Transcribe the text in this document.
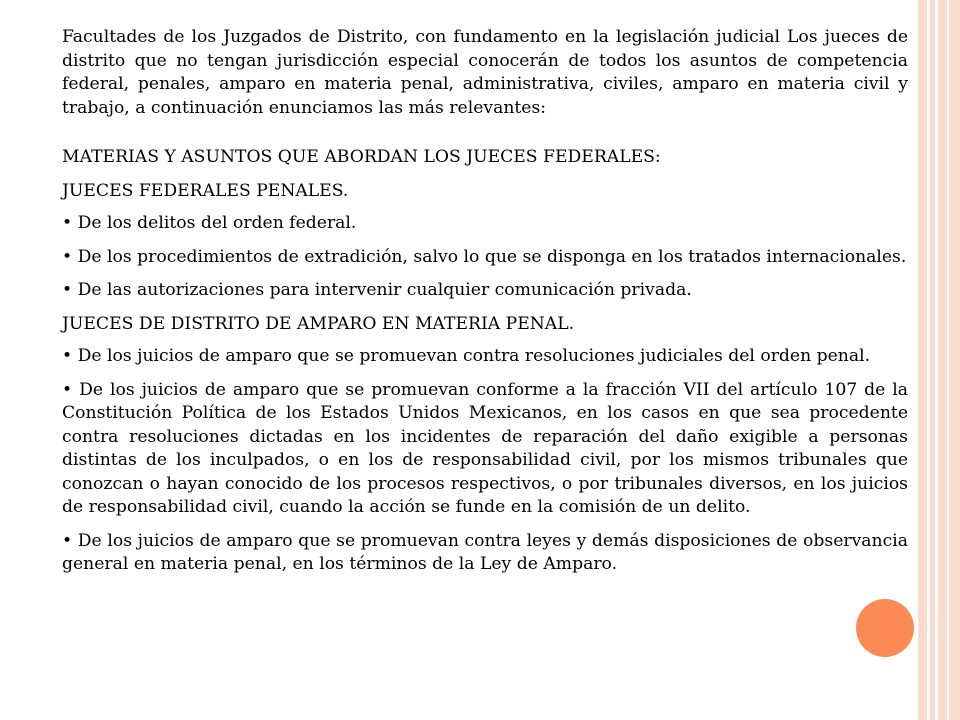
Facultades de los Juzgados de Distrito, con fundamento en la legislación judicial Los jueces de distrito que no tengan jurisdicción especial conocerán de todos los asuntos de competencia federal, penales, amparo en materia penal, administrativa, civiles, amparo en materia civil y trabajo, a continuación enunciamos las más relevantes:

MATERIAS Y ASUNTOS QUE ABORDAN LOS JUECES FEDERALES:

JUECES FEDERALES PENALES.

• De los delitos del orden federal.

• De los procedimientos de extradición, salvo lo que se disponga en los tratados internacionales.

• De las autorizaciones para intervenir cualquier comunicación privada.

JUECES DE DISTRITO DE AMPARO EN MATERIA PENAL.

• De los juicios de amparo que se promuevan contra resoluciones judiciales del orden penal.

• De los juicios de amparo que se promuevan conforme a la fracción VII del artículo 107 de la Constitución Política de los Estados Unidos Mexicanos, en los casos en que sea procedente contra resoluciones dictadas en los incidentes de reparación del daño exigible a personas distintas de los inculpados, o en los de responsabilidad civil, por los mismos tribunales que conozcan o hayan conocido de los procesos respectivos, o por tribunales diversos, en los juicios de responsabilidad civil, cuando la acción se funde en la comisión de un delito.

• De los juicios de amparo que se promuevan contra leyes y demás disposiciones de observancia general en materia penal, en los términos de la Ley de Amparo.
